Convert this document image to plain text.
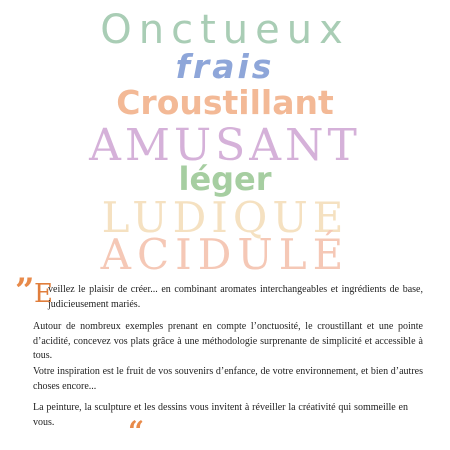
Onctueux
frais
Croustillant
AMUSANT
léger
LUDIQUE
ACIDULÉ
” E
veillez le plaisir de créer... en combinant aromates interchangeables et ingrédients de base, judicieusement mariés.
Autour de nombreux exemples prenant en compte l’onctuosité, le croustillant et une pointe d’acidité, concevez vos plats grâce à une méthodologie surprenante de simplicité et accessible à tous.
Votre inspiration est le fruit de vos souvenirs d’enfance, de votre environnement, et bien d’autres choses encore...
La peinture, la sculpture et les dessins vous invitent à réveiller la créativité qui sommeille en vous.	“
